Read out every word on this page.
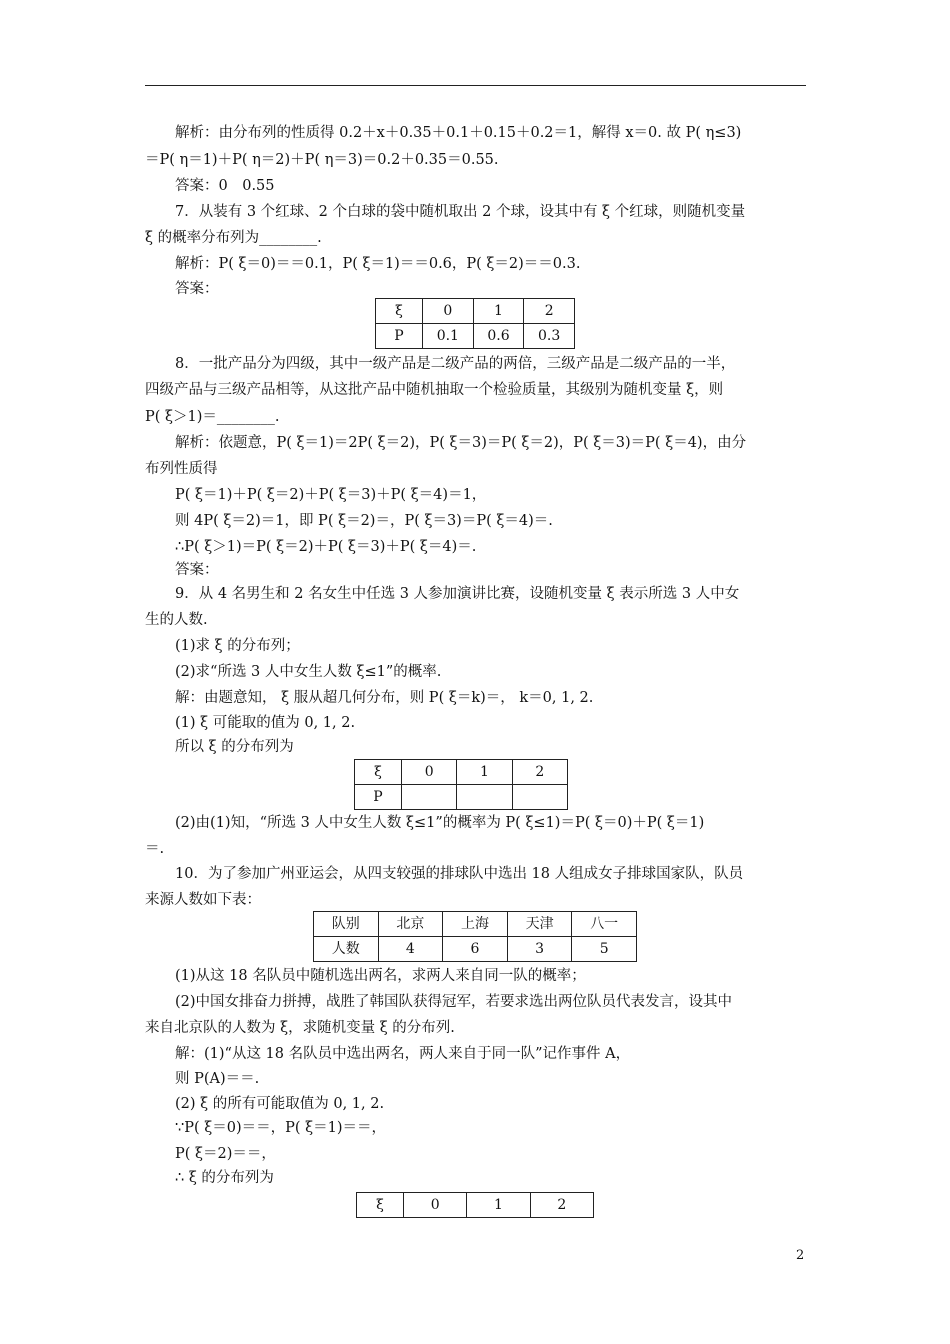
解析：由分布列的性质得 0.2＋x＋0.35＋0.1＋0.15＋0.2＝1，解得 x＝0. 故 P( η≤3)
＝P( η＝1)＋P( η＝2)＋P( η＝3)＝0.2＋0.35＝0.55.
答案：0　0.55
7．从装有 3 个红球、2 个白球的袋中随机取出 2 个球，设其中有 ξ 个红球，则随机变量
ξ 的概率分布列为________.
解析：P( ξ＝0)＝＝0.1，P( ξ＝1)＝＝0.6，P( ξ＝2)＝＝0.3.
答案：
ξ	0	1	2
P	0.1	0.6	0.3
8．一批产品分为四级，其中一级产品是二级产品的两倍，三级产品是二级产品的一半，
四级产品与三级产品相等，从这批产品中随机抽取一个检验质量，其级别为随机变量 ξ，则
P( ξ＞1)＝________.
解析：依题意，P( ξ＝1)＝2P( ξ＝2)，P( ξ＝3)＝P( ξ＝2)，P( ξ＝3)＝P( ξ＝4)，由分
布列性质得
P( ξ＝1)＋P( ξ＝2)＋P( ξ＝3)＋P( ξ＝4)＝1，
则 4P( ξ＝2)＝1，即 P( ξ＝2)＝，P( ξ＝3)＝P( ξ＝4)＝.
∴P( ξ＞1)＝P( ξ＝2)＋P( ξ＝3)＋P( ξ＝4)＝.
答案：
9．从 4 名男生和 2 名女生中任选 3 人参加演讲比赛，设随机变量 ξ 表示所选 3 人中女
生的人数.
(1)求 ξ 的分布列；
(2)求“所选 3 人中女生人数 ξ≤1”的概率.
解：由题意知， ξ 服从超几何分布，则 P( ξ＝k)＝， k＝0, 1, 2.
(1) ξ 可能取的值为 0, 1, 2.
所以 ξ 的分布列为
ξ	0	1	2
P			
(2)由(1)知，“所选 3 人中女生人数 ξ≤1”的概率为 P( ξ≤1)＝P( ξ＝0)＋P( ξ＝1)
＝.
10．为了参加广州亚运会，从四支较强的排球队中选出 18 人组成女子排球国家队，队员
来源人数如下表：
队别	北京	上海	天津	八一
人数	4	6	3	5
(1)从这 18 名队员中随机选出两名，求两人来自同一队的概率；
(2)中国女排奋力拼搏，战胜了韩国队获得冠军，若要求选出两位队员代表发言，设其中
来自北京队的人数为 ξ，求随机变量 ξ 的分布列.
解：(1)“从这 18 名队员中选出两名，两人来自于同一队”记作事件 A，
则 P(A)＝＝.
(2) ξ 的所有可能取值为 0, 1, 2.
∵P( ξ＝0)＝＝，P( ξ＝1)＝＝，
P( ξ＝2)＝＝，
∴ ξ 的分布列为
ξ	0	1	2
2
